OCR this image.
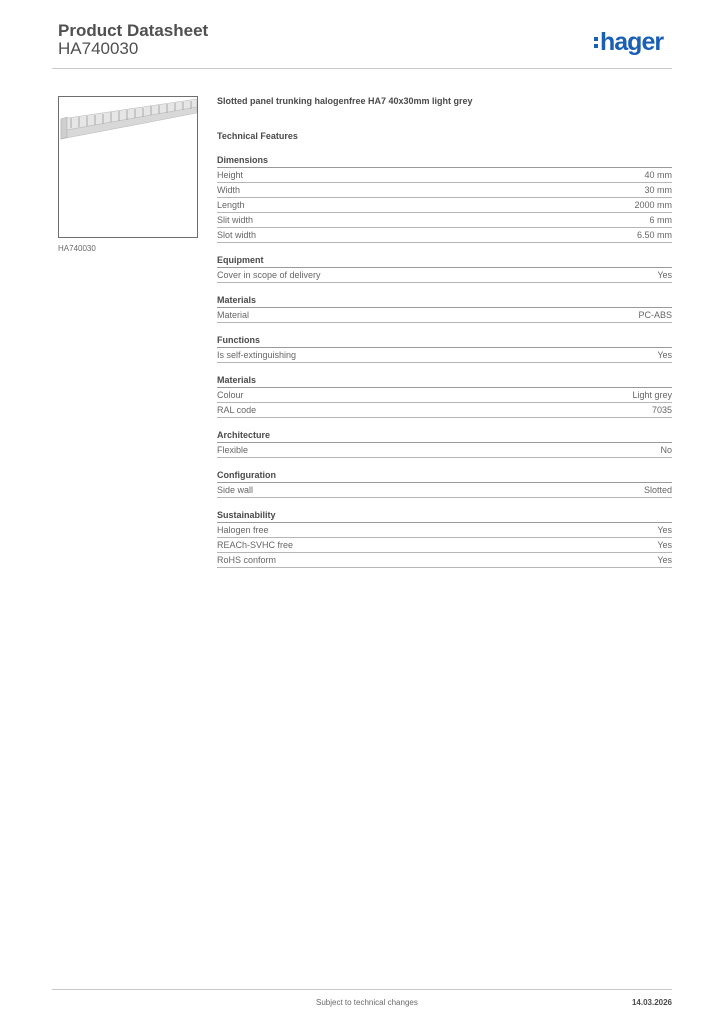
Product Datasheet
HA740030	hager
HA740030
Slotted panel trunking halogenfree HA7 40x30mm light grey
Technical Features
Dimensions
Height	40 mm
Width	30 mm
Length	2000 mm
Slit width	6 mm
Slot width	6.50 mm
Equipment
Cover in scope of delivery	Yes
Materials
Material	PC-ABS
Functions
Is self-extinguishing	Yes
Materials
Colour	Light grey
RAL code	7035
Architecture
Flexible	No
Configuration
Side wall	Slotted
Sustainability
Halogen free	Yes
REACh-SVHC free	Yes
RoHS conform	Yes
Subject to technical changes	14.03.2026
